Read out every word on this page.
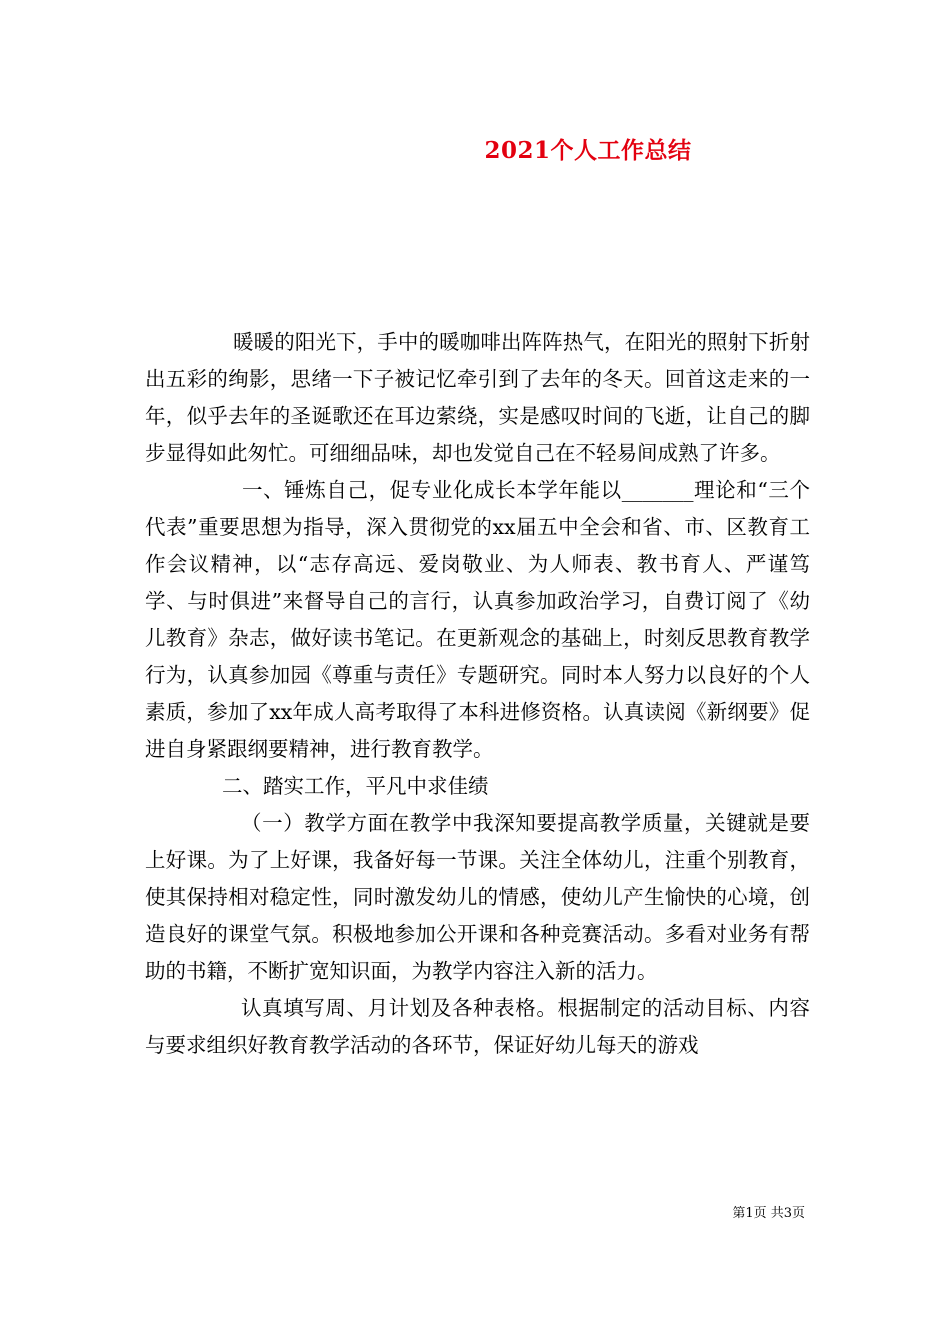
2021个人工作总结

暖暖的阳光下，手中的暖咖啡出阵阵热气，在阳光的照射下折射出五彩的绚影，思绪一下子被记忆牵引到了去年的冬天。回首这走来的一年，似乎去年的圣诞歌还在耳边萦绕，实是感叹时间的飞逝，让自己的脚步显得如此匆忙。可细细品味，却也发觉自己在不轻易间成熟了许多。

一、锤炼自己，促专业化成长本学年能以_______理论和“三个代表”重要思想为指导，深入贯彻党的xx届五中全会和省、市、区教育工作会议精神，以“志存高远、爱岗敬业、为人师表、教书育人、严谨笃学、与时俱进”来督导自己的言行，认真参加政治学习，自费订阅了《幼儿教育》杂志，做好读书笔记。在更新观念的基础上，时刻反思教育教学行为，认真参加园《尊重与责任》专题研究。同时本人努力以良好的个人素质，参加了xx年成人高考取得了本科进修资格。认真读阅《新纲要》促进自身紧跟纲要精神，进行教育教学。

二、踏实工作，平凡中求佳绩

（一）教学方面在教学中我深知要提高教学质量，关键就是要上好课。为了上好课，我备好每一节课。关注全体幼儿，注重个别教育，使其保持相对稳定性，同时激发幼儿的情感，使幼儿产生愉快的心境，创造良好的课堂气氛。积极地参加公开课和各种竞赛活动。多看对业务有帮助的书籍，不断扩宽知识面，为教学内容注入新的活力。

认真填写周、月计划及各种表格。根据制定的活动目标、内容与要求组织好教育教学活动的各环节，保证好幼儿每天的游戏

第1页 共3页
